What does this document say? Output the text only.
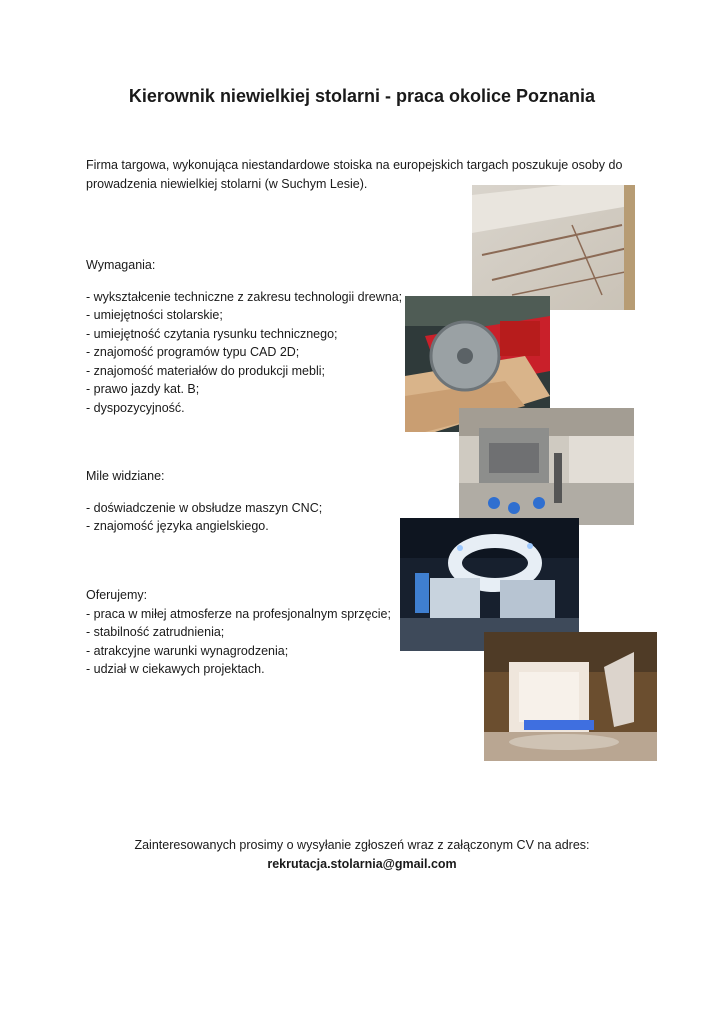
Kierownik niewielkiej stolarni - praca okolice Poznania

Firma targowa, wykonująca niestandardowe stoiska na europejskich targach poszukuje osoby do prowadzenia niewielkiej stolarni (w Suchym Lesie).

Wymagania:

- wykształcenie techniczne z zakresu technologii drewna;
- umiejętności stolarskie;
- umiejętność czytania rysunku technicznego;
- znajomość programów typu CAD 2D;
- znajomość materiałów do produkcji mebli;
- prawo jazdy kat. B;
- dyspozycyjność.

Mile widziane:

- doświadczenie w obsłudze maszyn CNC;
- znajomość języka angielskiego.

Oferujemy:

- praca w miłej atmosferze na profesjonalnym sprzęcie;
- stabilność zatrudnienia;
- atrakcyjne warunki wynagrodzenia;
- udział w ciekawych projektach.
Zainteresowanych prosimy o wysyłanie zgłoszeń wraz z załączonym CV na adres:
rekrutacja.stolarnia@gmail.com
